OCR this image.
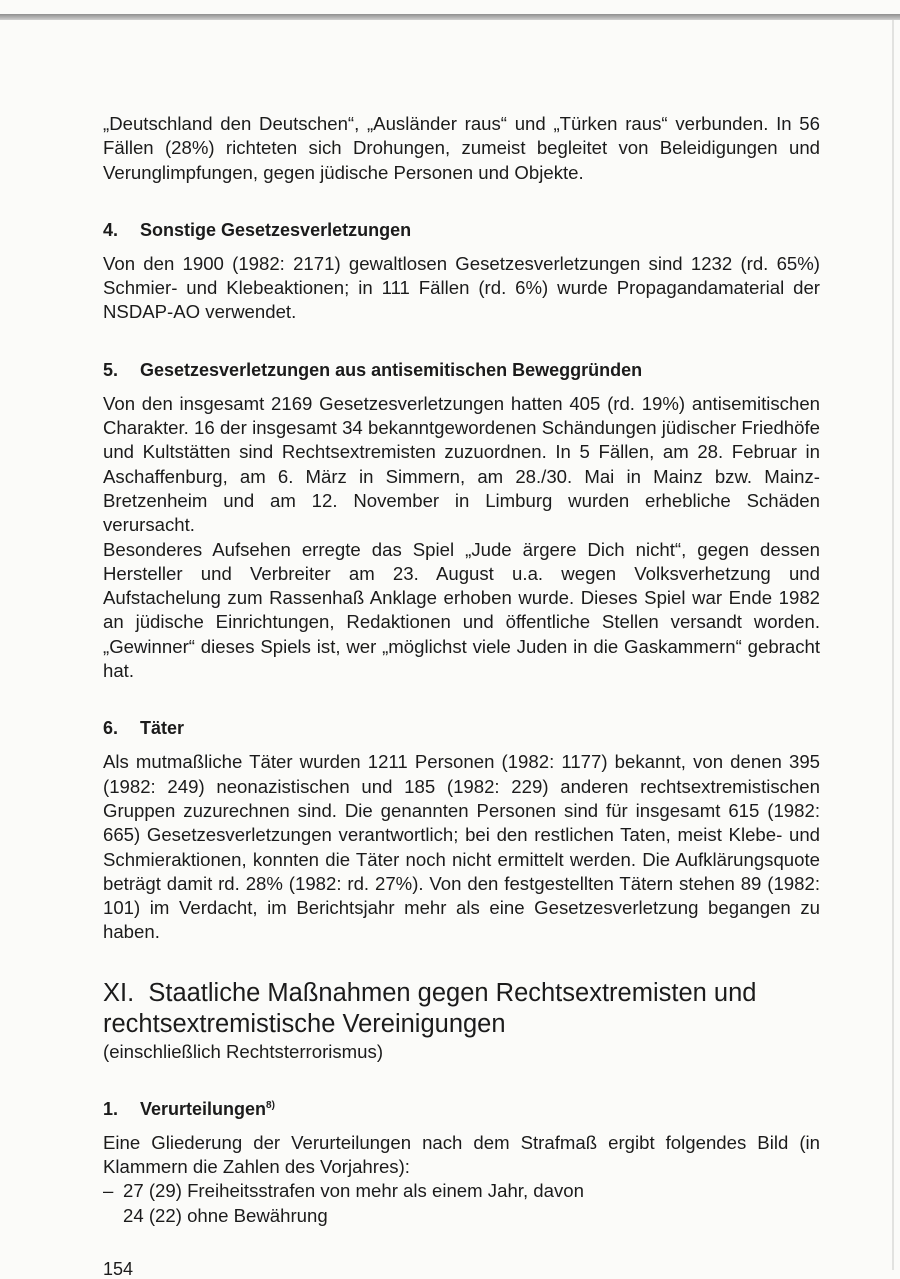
„Deutschland den Deutschen“, „Ausländer raus“ und „Türken raus“ verbunden. In 56 Fällen (28%) richteten sich Drohungen, zumeist begleitet von Beleidigungen und Verunglimpfungen, gegen jüdische Personen und Objekte.

4.	Sonstige Gesetzesverletzungen

Von den 1900 (1982: 2171) gewaltlosen Gesetzesverletzungen sind 1232 (rd. 65%) Schmier- und Klebeaktionen; in 111 Fällen (rd. 6%) wurde Propagandamaterial der NSDAP-AO verwendet.

5.	Gesetzesverletzungen aus antisemitischen Beweggründen

Von den insgesamt 2169 Gesetzesverletzungen hatten 405 (rd. 19%) antisemitischen Charakter. 16 der insgesamt 34 bekanntgewordenen Schändungen jüdischer Friedhöfe und Kultstätten sind Rechtsextremisten zuzuordnen. In 5 Fällen, am 28. Februar in Aschaffenburg, am 6. März in Simmern, am 28./30. Mai in Mainz bzw. Mainz-Bretzenheim und am 12. November in Limburg wurden erhebliche Schäden verursacht.

Besonderes Aufsehen erregte das Spiel „Jude ärgere Dich nicht“, gegen dessen Hersteller und Verbreiter am 23. August u.a. wegen Volksverhetzung und Aufstachelung zum Rassenhaß Anklage erhoben wurde. Dieses Spiel war Ende 1982 an jüdische Einrichtungen, Redaktionen und öffentliche Stellen versandt worden. „Gewinner“ dieses Spiels ist, wer „möglichst viele Juden in die Gaskammern“ gebracht hat.

6.	Täter

Als mutmaßliche Täter wurden 1211 Personen (1982: 1177) bekannt, von denen 395 (1982: 249) neonazistischen und 185 (1982: 229) anderen rechtsextremistischen Gruppen zuzurechnen sind. Die genannten Personen sind für insgesamt 615 (1982: 665) Gesetzesverletzungen verantwortlich; bei den restlichen Taten, meist Klebe- und Schmieraktionen, konnten die Täter noch nicht ermittelt werden. Die Aufklärungsquote beträgt damit rd. 28% (1982: rd. 27%). Von den festgestellten Tätern stehen 89 (1982: 101) im Verdacht, im Berichtsjahr mehr als eine Gesetzesverletzung begangen zu haben.

XI.  Staatliche Maßnahmen gegen Rechtsextremisten und

rechtsextremistische Vereinigungen

(einschließlich Rechtsterrorismus)

1.	Verurteilungen$^{8)}$

Eine Gliederung der Verurteilungen nach dem Strafmaß ergibt folgendes Bild (in Klammern die Zahlen des Vorjahres):

– 27 (29) Freiheitsstrafen von mehr als einem Jahr, davon
24 (22) ohne Bewährung
154
